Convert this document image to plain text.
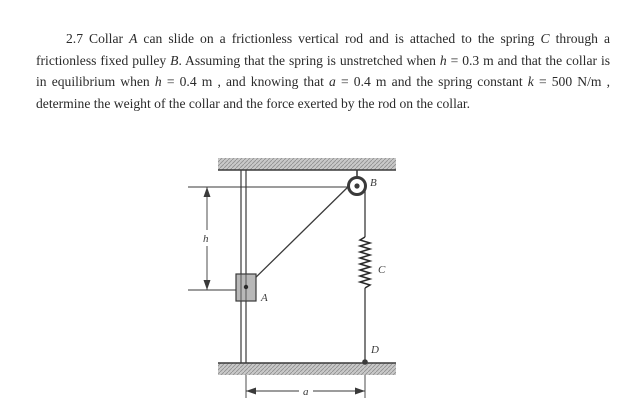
2.7 Collar A can slide on a frictionless vertical rod and is attached to the spring C through a frictionless fixed pulley B. Assuming that the spring is unstretched when h = 0.3 m and that the collar is in equilibrium when h = 0.4 m , and knowing that a = 0.4 m and the spring constant k = 500 N/m , determine the weight of the collar and the force exerted by the rod on the collar.

h
B
C
D
A
a
